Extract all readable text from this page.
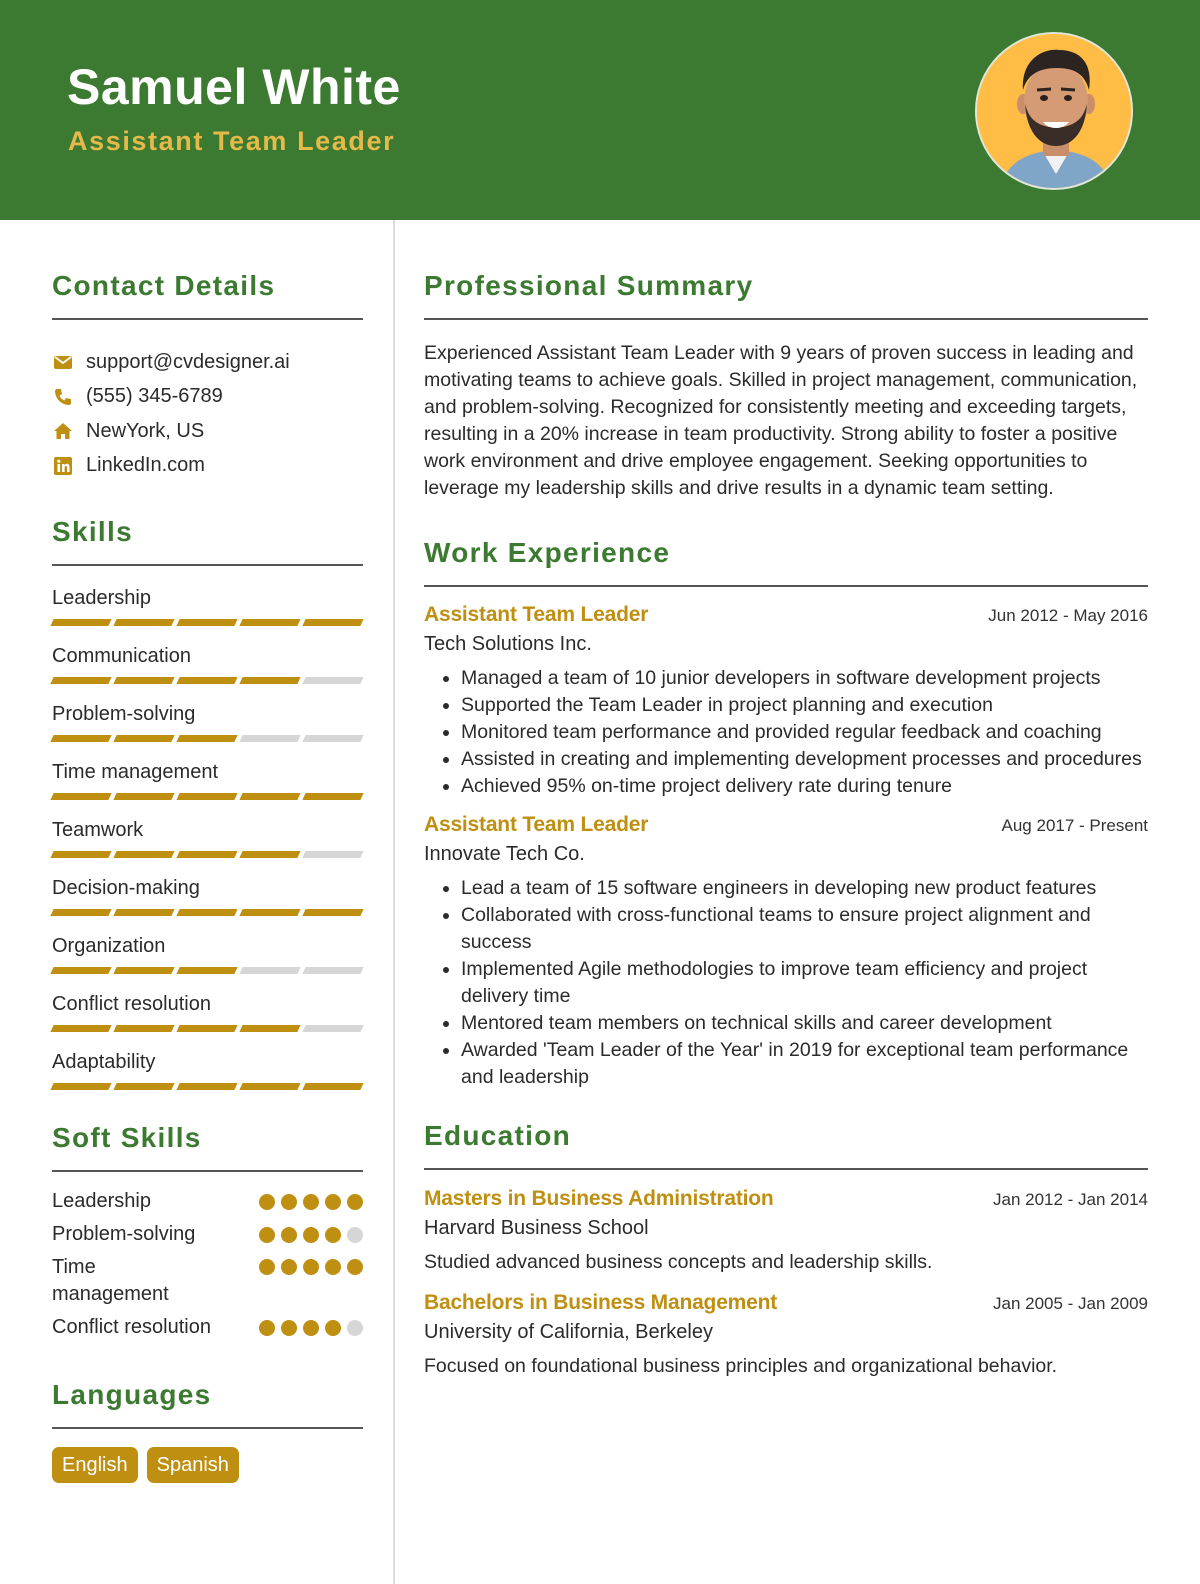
Samuel White
Assistant Team Leader
Contact Details
support@cvdesigner.ai
(555) 345-6789
NewYork, US
LinkedIn.com
Skills
Leadership
Communication
Problem-solving
Time management
Teamwork
Decision-making
Organization
Conflict resolution
Adaptability
Soft Skills
Leadership
Problem-solving
Time management
Conflict resolution
Languages
English	Spanish
Professional Summary
Experienced Assistant Team Leader with 9 years of proven success in leading and motivating teams to achieve goals. Skilled in project management, communication, and problem-solving. Recognized for consistently meeting and exceeding targets, resulting in a 20% increase in team productivity. Strong ability to foster a positive work environment and drive employee engagement. Seeking opportunities to leverage my leadership skills and drive results in a dynamic team setting.
Work Experience
Assistant Team Leader	Jun 2012 - May 2016
Tech Solutions Inc.
• Managed a team of 10 junior developers in software development projects
• Supported the Team Leader in project planning and execution
• Monitored team performance and provided regular feedback and coaching
• Assisted in creating and implementing development processes and procedures
• Achieved 95% on-time project delivery rate during tenure
Assistant Team Leader	Aug 2017 - Present
Innovate Tech Co.
• Lead a team of 15 software engineers in developing new product features
• Collaborated with cross-functional teams to ensure project alignment and success
• Implemented Agile methodologies to improve team efficiency and project delivery time
• Mentored team members on technical skills and career development
• Awarded 'Team Leader of the Year' in 2019 for exceptional team performance and leadership
Education
Masters in Business Administration	Jan 2012 - Jan 2014
Harvard Business School
Studied advanced business concepts and leadership skills.
Bachelors in Business Management	Jan 2005 - Jan 2009
University of California, Berkeley
Focused on foundational business principles and organizational behavior.
